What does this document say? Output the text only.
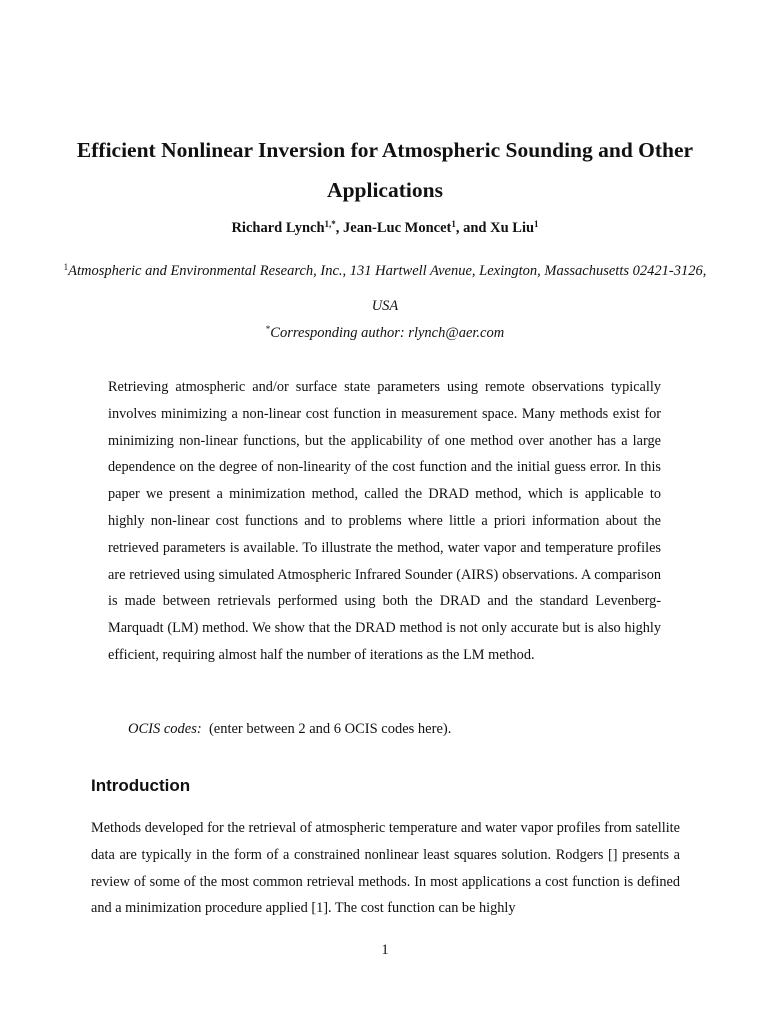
Efficient Nonlinear Inversion for Atmospheric Sounding and Other Applications
Richard Lynch$^{1,*}$, Jean-Luc Moncet$^1$, and Xu Liu$^1$
$^1$Atmospheric and Environmental Research, Inc., 131 Hartwell Avenue, Lexington, Massachusetts 02421-3126, USA
*Corresponding author: rlynch@aer.com

Retrieving atmospheric and/or surface state parameters using remote observations typically involves minimizing a non-linear cost function in measurement space. Many methods exist for minimizing non-linear functions, but the applicability of one method over another has a large dependence on the degree of non-linearity of the cost function and the initial guess error. In this paper we present a minimization method, called the DRAD method, which is applicable to highly non-linear cost functions and to problems where little a priori information about the retrieved parameters is available. To illustrate the method, water vapor and temperature profiles are retrieved using simulated Atmospheric Infrared Sounder (AIRS) observations. A comparison is made between retrievals performed using both the DRAD and the standard Levenberg-Marquadt (LM) method. We show that the DRAD method is not only accurate but is also highly efficient, requiring almost half the number of iterations as the LM method.

OCIS codes: (enter between 2 and 6 OCIS codes here).
Introduction

Methods developed for the retrieval of atmospheric temperature and water vapor profiles from satellite data are typically in the form of a constrained nonlinear least squares solution. Rodgers [] presents a review of some of the most common retrieval methods. In most applications a cost function is defined and a minimization procedure applied [1]. The cost function can be highly

1
